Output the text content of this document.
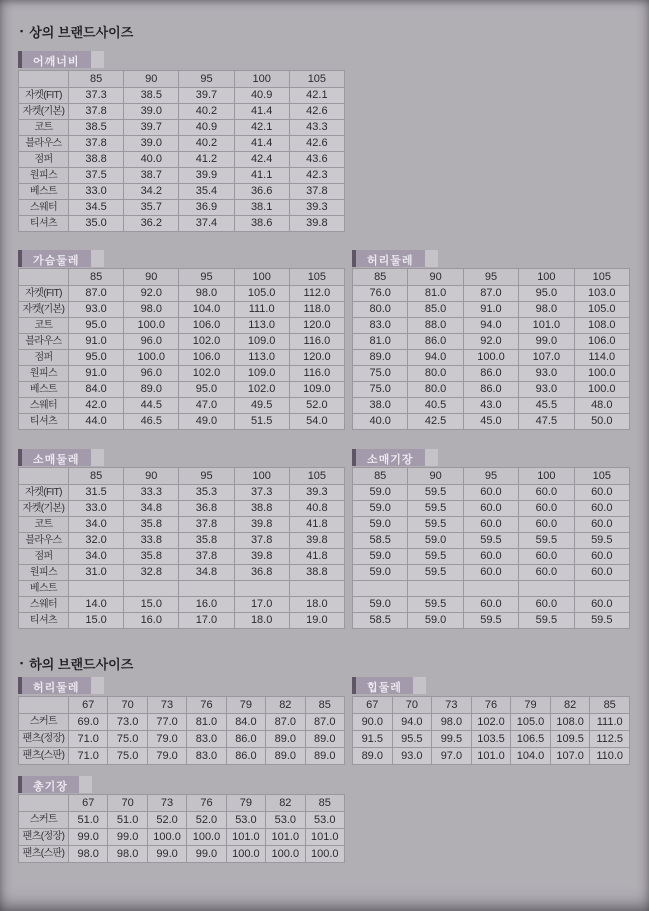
▪ 상의 브랜드사이즈
어깨너비
	85	90	95	100	105
자켓(FIT)	37.3	38.5	39.7	40.9	42.1
자켓(기본)	37.8	39.0	40.2	41.4	42.6
코트	38.5	39.7	40.9	42.1	43.3
블라우스	37.8	39.0	40.2	41.4	42.6
점퍼	38.8	40.0	41.2	42.4	43.6
원피스	37.5	38.7	39.9	41.1	42.3
베스트	33.0	34.2	35.4	36.6	37.8
스웨터	34.5	35.7	36.9	38.1	39.3
티셔츠	35.0	36.2	37.4	38.6	39.8
가슴둘레	허리둘레
	85	90	95	100	105
자켓(FIT)	87.0	92.0	98.0	105.0	112.0
자켓(기본)	93.0	98.0	104.0	111.0	118.0
코트	95.0	100.0	106.0	113.0	120.0
블라우스	91.0	96.0	102.0	109.0	116.0
점퍼	95.0	100.0	106.0	113.0	120.0
원피스	91.0	96.0	102.0	109.0	116.0
베스트	84.0	89.0	95.0	102.0	109.0
스웨터	42.0	44.5	47.0	49.5	52.0
티셔츠	44.0	46.5	49.0	51.5	54.0
85	90	95	100	105
76.0	81.0	87.0	95.0	103.0
80.0	85.0	91.0	98.0	105.0
83.0	88.0	94.0	101.0	108.0
81.0	86.0	92.0	99.0	106.0
89.0	94.0	100.0	107.0	114.0
75.0	80.0	86.0	93.0	100.0
75.0	80.0	86.0	93.0	100.0
38.0	40.5	43.0	45.5	48.0
40.0	42.5	45.0	47.5	50.0
소매둘레	소매기장
	85	90	95	100	105
자켓(FIT)	31.5	33.3	35.3	37.3	39.3
자켓(기본)	33.0	34.8	36.8	38.8	40.8
코트	34.0	35.8	37.8	39.8	41.8
블라우스	32.0	33.8	35.8	37.8	39.8
점퍼	34.0	35.8	37.8	39.8	41.8
원피스	31.0	32.8	34.8	36.8	38.8
베스트					
스웨터	14.0	15.0	16.0	17.0	18.0
티셔츠	15.0	16.0	17.0	18.0	19.0
85	90	95	100	105
59.0	59.5	60.0	60.0	60.0
59.0	59.5	60.0	60.0	60.0
59.0	59.5	60.0	60.0	60.0
58.5	59.0	59.5	59.5	59.5
59.0	59.5	60.0	60.0	60.0
59.0	59.5	60.0	60.0	60.0

59.0	59.5	60.0	60.0	60.0
58.5	59.0	59.5	59.5	59.5
▪ 하의 브랜드사이즈
허리둘레	힙둘레
	67	70	73	76	79	82	85
스커트	69.0	73.0	77.0	81.0	84.0	87.0	87.0
팬츠(정장)	71.0	75.0	79.0	83.0	86.0	89.0	89.0
팬츠(스판)	71.0	75.0	79.0	83.0	86.0	89.0	89.0
67	70	73	76	79	82	85
90.0	94.0	98.0	102.0	105.0	108.0	111.0
91.5	95.5	99.5	103.5	106.5	109.5	112.5
89.0	93.0	97.0	101.0	104.0	107.0	110.0
총기장
	67	70	73	76	79	82	85
스커트	51.0	51.0	52.0	52.0	53.0	53.0	53.0
팬츠(정장)	99.0	99.0	100.0	100.0	101.0	101.0	101.0
팬츠(스판)	98.0	98.0	99.0	99.0	100.0	100.0	100.0
